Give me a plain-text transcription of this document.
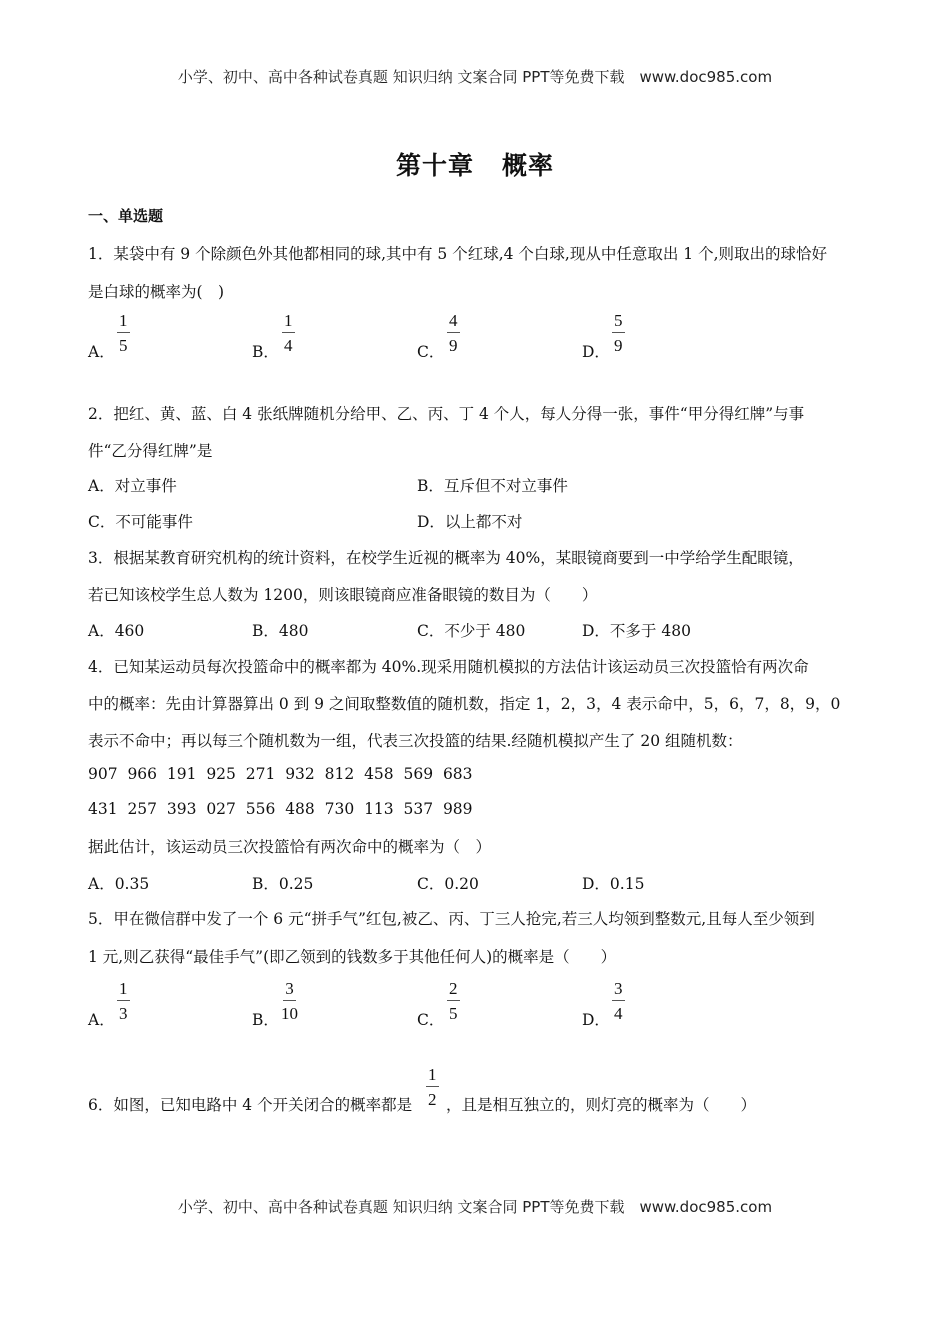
小学、初中、高中各种试卷真题 知识归纳 文案合同 PPT等免费下载　www.doc985.com
第十章 概率
一、单选题
1．某袋中有 9 个除颜色外其他都相同的球,其中有 5 个红球,4 个白球,现从中任意取出 1 个,则取出的球恰好
是白球的概率为(　)
A． $\frac{1}{5}$	B． $\frac{1}{4}$	C． $\frac{4}{9}$	D． $\frac{5}{9}$
2．把红、黄、蓝、白 4 张纸牌随机分给甲、乙、丙、丁 4 个人，每人分得一张，事件“甲分得红牌”与事
件“乙分得红牌”是
A．对立事件	B．互斥但不对立事件
C．不可能事件	D．以上都不对
3．根据某教育研究机构的统计资料，在校学生近视的概率为 40%，某眼镜商要到一中学给学生配眼镜，
若已知该校学生总人数为 1200，则该眼镜商应准备眼镜的数目为（　　）
A．460	B．480	C．不少于 480	D．不多于 480
4．已知某运动员每次投篮命中的概率都为 40%.现采用随机模拟的方法估计该运动员三次投篮恰有两次命
中的概率：先由计算器算出 0 到 9 之间取整数值的随机数，指定 1，2，3，4 表示命中，5，6，7，8，9，0
表示不命中；再以每三个随机数为一组，代表三次投篮的结果.经随机模拟产生了 20 组随机数：
907  966  191  925  271  932  812  458  569  683
431  257  393  027  556  488  730  113  537  989
据此估计，该运动员三次投篮恰有两次命中的概率为（　）
A．0.35	B．0.25	C．0.20	D．0.15
5．甲在微信群中发了一个 6 元“拼手气”红包,被乙、丙、丁三人抢完,若三人均领到整数元,且每人至少领到
1 元,则乙获得“最佳手气”(即乙领到的钱数多于其他任何人)的概率是（　　）
A． $\frac{1}{3}$	B． $\frac{3}{10}$	C． $\frac{2}{5}$	D． $\frac{3}{4}$
6．如图，已知电路中 4 个开关闭合的概率都是 $\frac{1}{2}$ ，且是相互独立的，则灯亮的概率为（　　）
小学、初中、高中各种试卷真题 知识归纳 文案合同 PPT等免费下载　www.doc985.com
